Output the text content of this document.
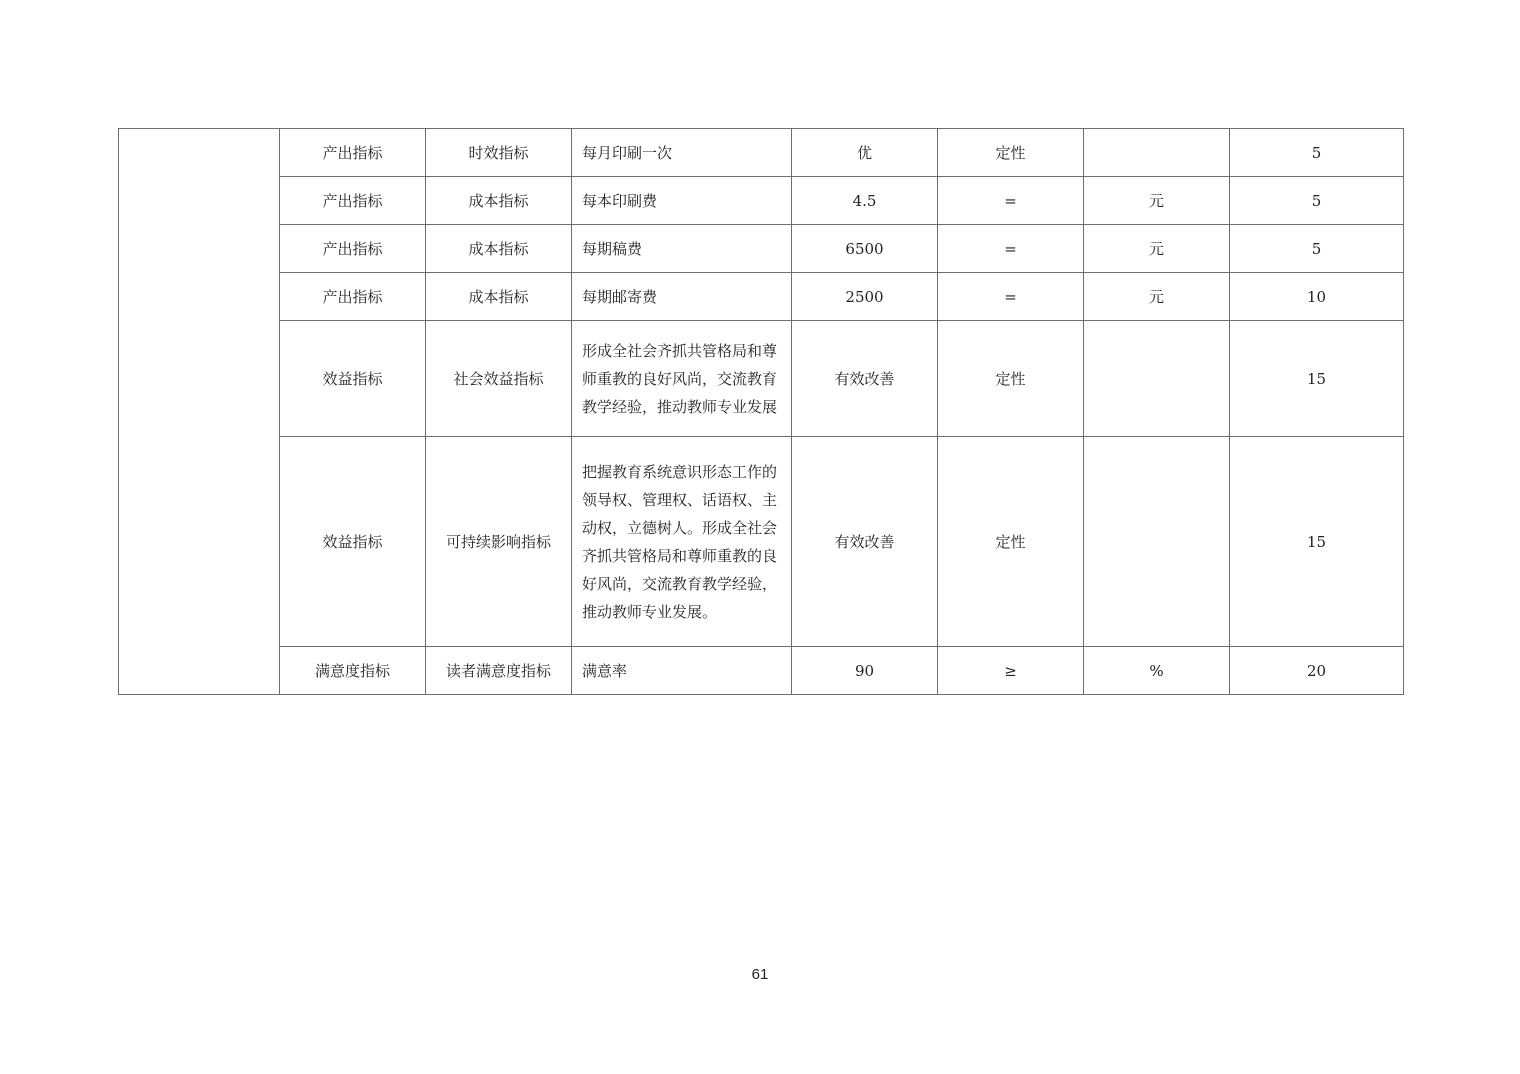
	产出指标	时效指标	每月印刷一次	优	定性		5
	产出指标	成本指标	每本印刷费	4.5	=	元	5
	产出指标	成本指标	每期稿费	6500	=	元	5
	产出指标	成本指标	每期邮寄费	2500	=	元	10
	效益指标	社会效益指标	形成全社会齐抓共管格局和尊师重教的良好风尚，交流教育教学经验，推动教师专业发展	有效改善	定性		15
	效益指标	可持续影响指标	把握教育系统意识形态工作的领导权、管理权、话语权、主动权，立德树人。形成全社会齐抓共管格局和尊师重教的良好风尚，交流教育教学经验，推动教师专业发展。	有效改善	定性		15
	满意度指标	读者满意度指标	满意率	90	≥	%	20
61
